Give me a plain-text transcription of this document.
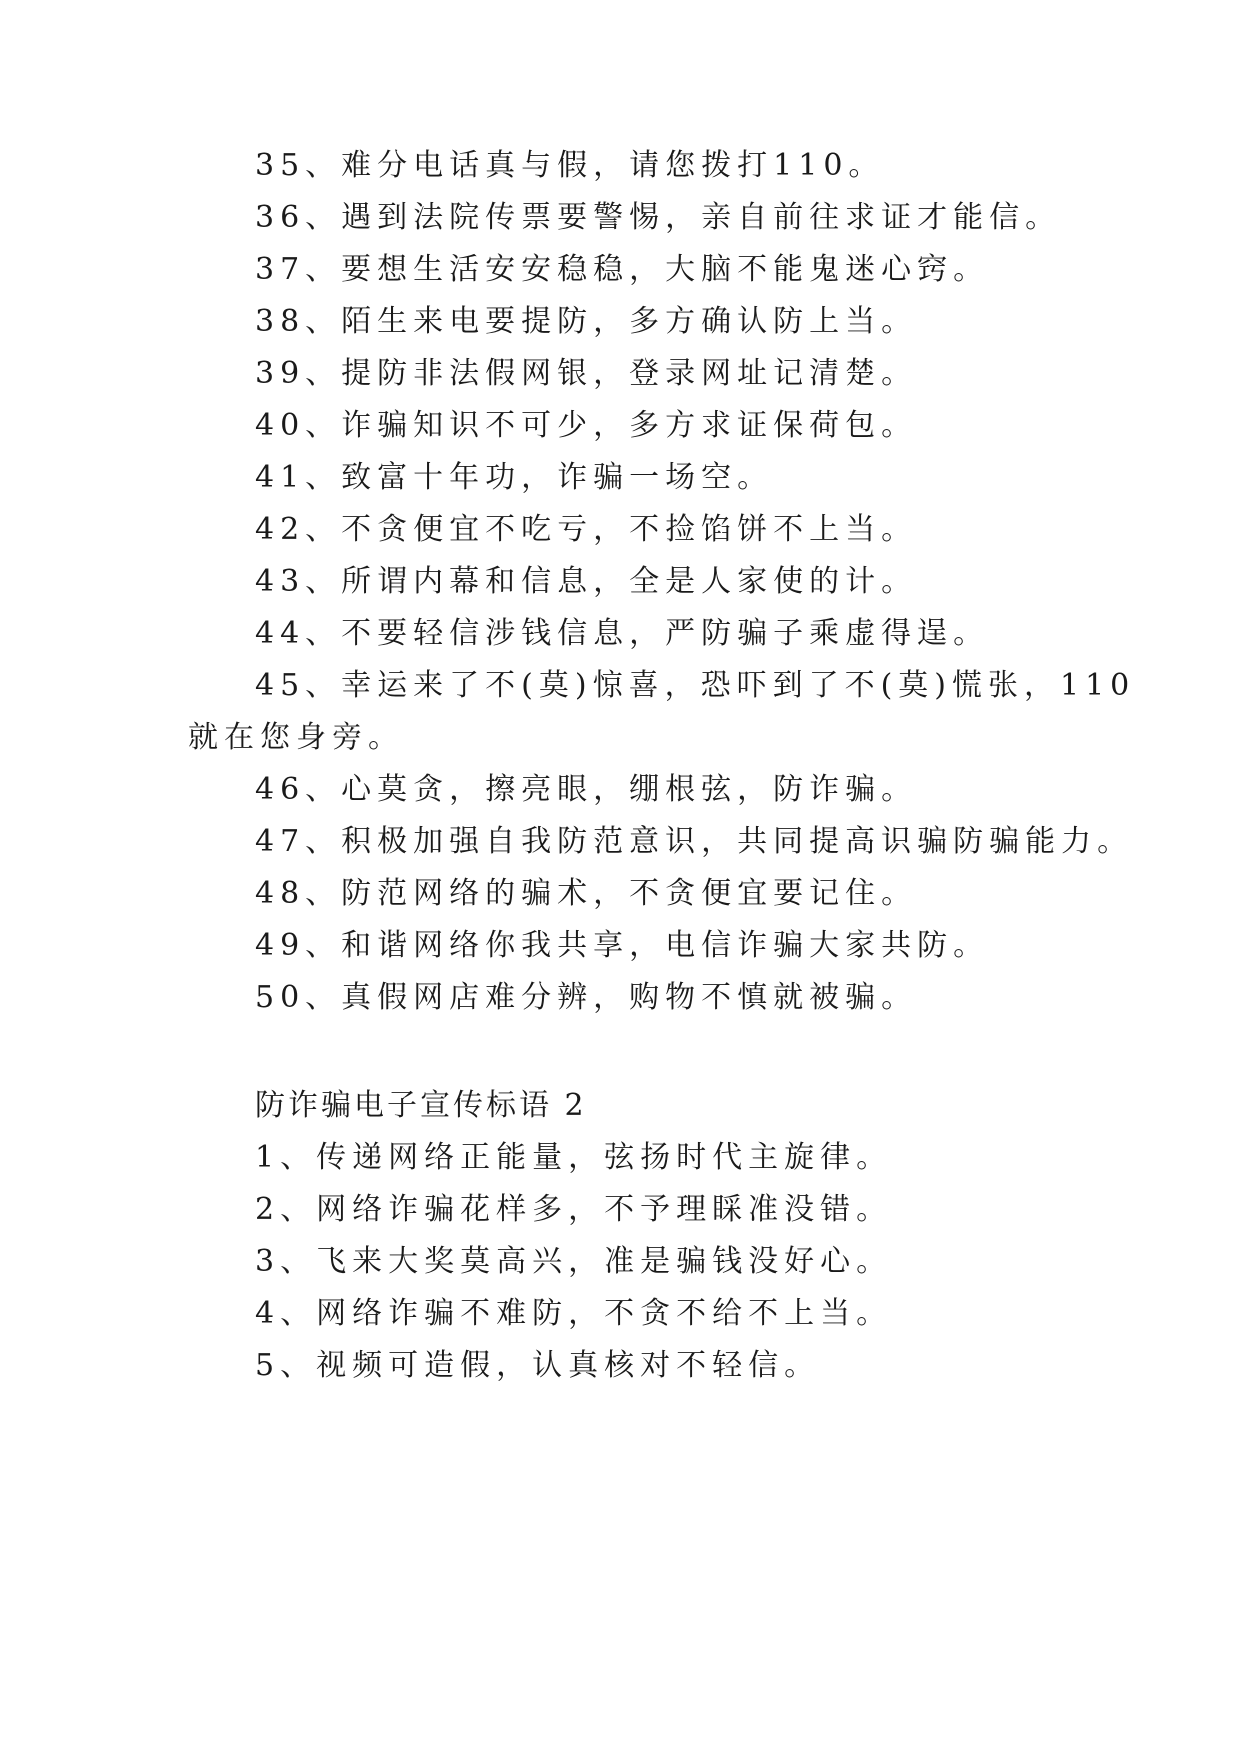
35、难分电话真与假，请您拨打110。
36、遇到法院传票要警惕，亲自前往求证才能信。
37、要想生活安安稳稳，大脑不能鬼迷心窍。
38、陌生来电要提防，多方确认防上当。
39、提防非法假网银，登录网址记清楚。
40、诈骗知识不可少，多方求证保荷包。
41、致富十年功，诈骗一场空。
42、不贪便宜不吃亏，不捡馅饼不上当。
43、所谓内幕和信息，全是人家使的计。
44、不要轻信涉钱信息，严防骗子乘虚得逞。
45、幸运来了不(莫)惊喜，恐吓到了不(莫)慌张，110
就在您身旁。
46、心莫贪，擦亮眼，绷根弦，防诈骗。
47、积极加强自我防范意识，共同提高识骗防骗能力。
48、防范网络的骗术，不贪便宜要记住。
49、和谐网络你我共享，电信诈骗大家共防。
50、真假网店难分辨，购物不慎就被骗。
防诈骗电子宣传标语 2
1、传递网络正能量，弦扬时代主旋律。
2、网络诈骗花样多，不予理睬准没错。
3、飞来大奖莫高兴，准是骗钱没好心。
4、网络诈骗不难防，不贪不给不上当。
5、视频可造假，认真核对不轻信。
